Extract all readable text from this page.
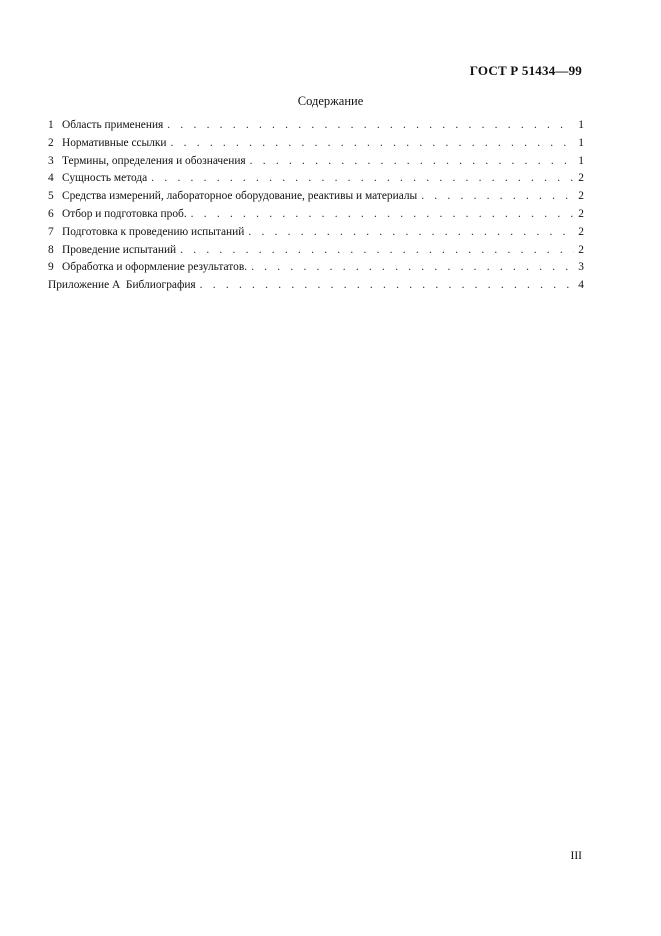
ГОСТ Р 51434—99
Содержание
1 Область применения . . .	1
2 Нормативные ссылки . . .	1
3 Термины, определения и обозначения . . .	1
4 Сущность метода . . .	2
5 Средства измерений, лабораторное оборудование, реактивы и материалы . . .	2
6 Отбор и подготовка проб. . . .	2
7 Подготовка к проведению испытаний . . .	2
8 Проведение испытаний . . .	2
9 Обработка и оформление результатов. . . .	3
Приложение А  Библиография . . .	4
III
